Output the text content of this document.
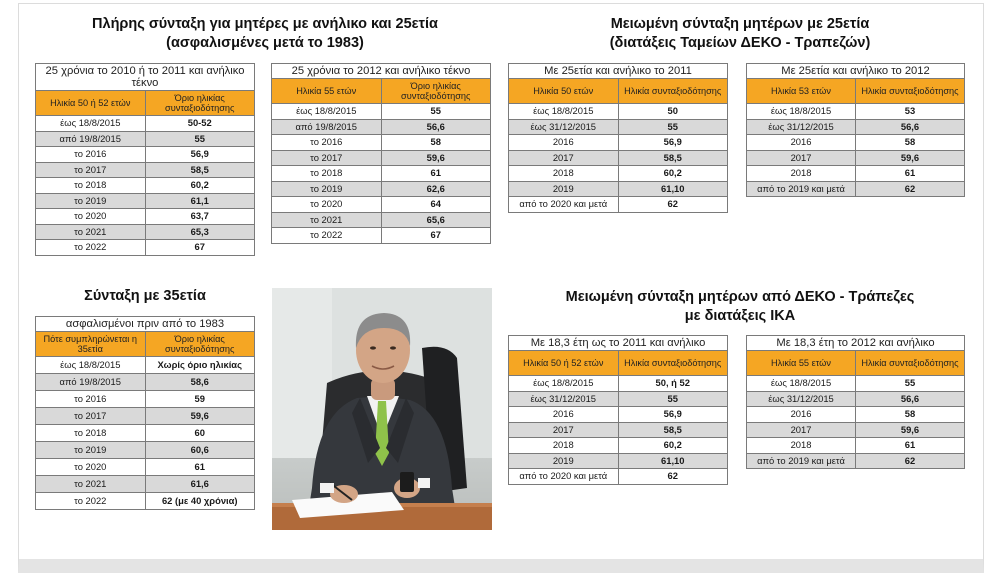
Πλήρης σύνταξη για μητέρες με ανήλικο και 25ετία
(ασφαλισμένες μετά το 1983)
25 χρόνια το 2010 ή το 2011 και ανήλικο τέκνο	
Ηλικία 50 ή 52 ετών	Όριο ηλικίας συνταξιοδότησης
έως 18/8/2015	50-52
από 19/8/2015	55
το 2016	56,9
το 2017	58,5
το 2018	60,2
το 2019	61,1
το 2020	63,7
το 2021	65,3
το 2022	67
25 χρόνια το 2012 και ανήλικο τέκνο	
Ηλικία 55 ετών	Όριο ηλικίας συνταξιοδότησης
έως 18/8/2015	55
από 19/8/2015	56,6
το 2016	58
το 2017	59,6
το 2018	61
το 2019	62,6
το 2020	64
το 2021	65,6
το 2022	67
Μειωμένη σύνταξη μητέρων με 25ετία
(διατάξεις Ταμείων ΔΕΚΟ - Τραπεζών)
Με 25ετία και ανήλικο το 2011	
Ηλικία 50 ετών	Ηλικία συνταξιοδότησης
έως 18/8/2015	50
έως 31/12/2015	55
2016	56,9
2017	58,5
2018	60,2
2019	61,10
από το 2020 και μετά	62
Με 25ετία και ανήλικο το 2012	
Ηλικία 53 ετών	Ηλικία συνταξιοδότησης
έως 18/8/2015	53
έως 31/12/2015	56,6
2016	58
2017	59,6
2018	61
από το 2019 και μετά	62
Σύνταξη με 35ετία
ασφαλισμένοι πριν από το 1983	
Πότε συμπληρώνεται η 35ετία	Όριο ηλικίας συνταξιοδότησης
έως 18/8/2015	Χωρίς όριο ηλικίας
από 19/8/2015	58,6
το 2016	59
το 2017	59,6
το 2018	60
το 2019	60,6
το 2020	61
το 2021	61,6
το 2022	62 (με 40 χρόνια)
Μειωμένη σύνταξη μητέρων από ΔΕΚΟ - Τράπεζες
με διατάξεις ΙΚΑ
Με 18,3 έτη ως το 2011 και ανήλικο	
Ηλικία 50 ή 52 ετών	Ηλικία συνταξιοδότησης
έως 18/8/2015	50, ή 52
έως 31/12/2015	55
2016	56,9
2017	58,5
2018	60,2
2019	61,10
από το 2020 και μετά	62
Με 18,3 έτη το 2012 και ανήλικο	
Ηλικία 55 ετών	Ηλικία συνταξιοδότησης
έως 18/8/2015	55
έως 31/12/2015	56,6
2016	58
2017	59,6
2018	61
από το 2019 και μετά	62
